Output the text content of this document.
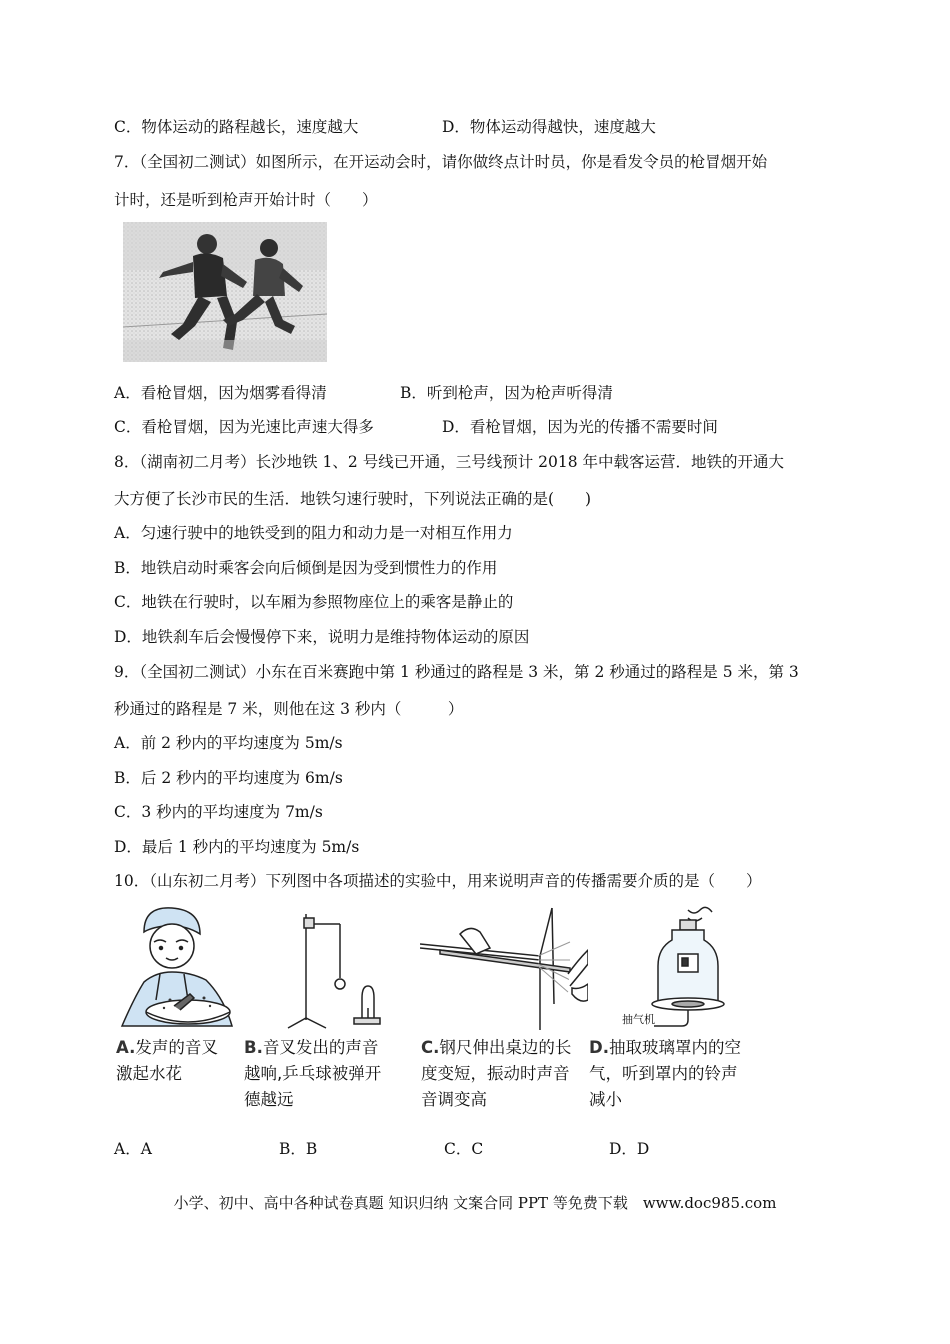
C．物体运动的路程越长，速度越大	D．物体运动得越快，速度越大
7．（全国初二测试）如图所示，在开运动会时，请你做终点计时员，你是看发令员的枪冒烟开始
计时，还是听到枪声开始计时（　　）
A．看枪冒烟，因为烟雾看得清	B．听到枪声，因为枪声听得清
C．看枪冒烟，因为光速比声速大得多	D．看枪冒烟，因为光的传播不需要时间
8．（湖南初二月考）长沙地铁 1、2 号线已开通，三号线预计 2018 年中载客运营．地铁的开通大
大方便了长沙市民的生活．地铁匀速行驶时，下列说法正确的是(　　)
A．匀速行驶中的地铁受到的阻力和动力是一对相互作用力
B．地铁启动时乘客会向后倾倒是因为受到惯性力的作用
C．地铁在行驶时，以车厢为参照物座位上的乘客是静止的
D．地铁刹车后会慢慢停下来，说明力是维持物体运动的原因
9．（全国初二测试）小东在百米赛跑中第 1 秒通过的路程是 3 米，第 2 秒通过的路程是 5 米，第 3
秒通过的路程是 7 米，则他在这 3 秒内（　　　）
A．前 2 秒内的平均速度为 5m/s
B．后 2 秒内的平均速度为 6m/s
C．3 秒内的平均速度为 7m/s
D．最后 1 秒内的平均速度为 5m/s
10．（山东初二月考）下列图中各项描述的实验中，用来说明声音的传播需要介质的是（　　）
A.发声的音叉
激起水花
B.音叉发出的声音
越响,乒乓球被弹开
德越远
C.钢尺伸出桌边的长
度变短，振动时声音
音调变高
抽气机
D.抽取玻璃罩内的空
气，听到罩内的铃声
减小
A．A	B．B	C．C	D．D
小学、初中、高中各种试卷真题 知识归纳 文案合同 PPT 等免费下载　www.doc985.com
